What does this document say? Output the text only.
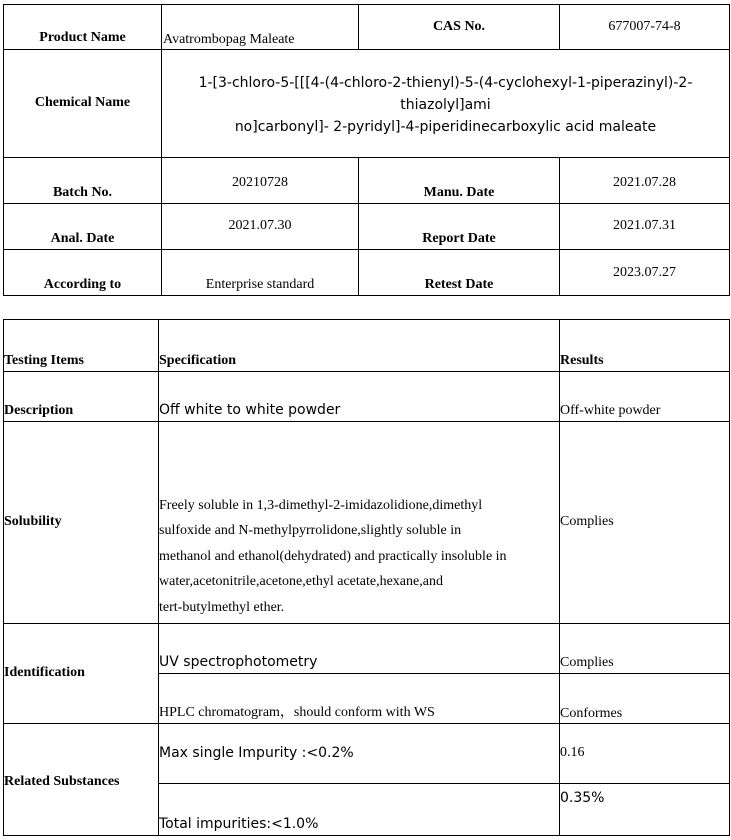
Product Name	Avatrombopag Maleate	CAS No.	677007-74-8
Chemical Name	1-[3-chloro-5-[[[4-(4-chloro-2-thienyl)-5-(4-cyclohexyl-1-piperazinyl)-2-thiazolyl]ami
no]carbonyl]- 2-pyridyl]-4-piperidinecarboxylic acid maleate		
Batch No.	20210728	Manu. Date	2021.07.28
Anal. Date	2021.07.30	Report Date	2021.07.31
According to	Enterprise standard	Retest Date	2023.07.27
Testing Items	Specification	Results
Description	Off white to white powder	Off-white powder
Solubility	Freely soluble in 1,3-dimethyl-2-imidazolidione,dimethyl
sulfoxide and N-methylpyrrolidone,slightly soluble in
methanol and ethanol(dehydrated) and practically insoluble in
water,acetonitrile,acetone,ethyl acetate,hexane,and
tert-butylmethyl ether.	Complies
Identification	UV spectrophotometry	Complies
	HPLC chromatogram，should conform with WS	Conformes
Related Substances	Max single Impurity :<0.2%	0.16
	Total impurities:<1.0%	0.35%
